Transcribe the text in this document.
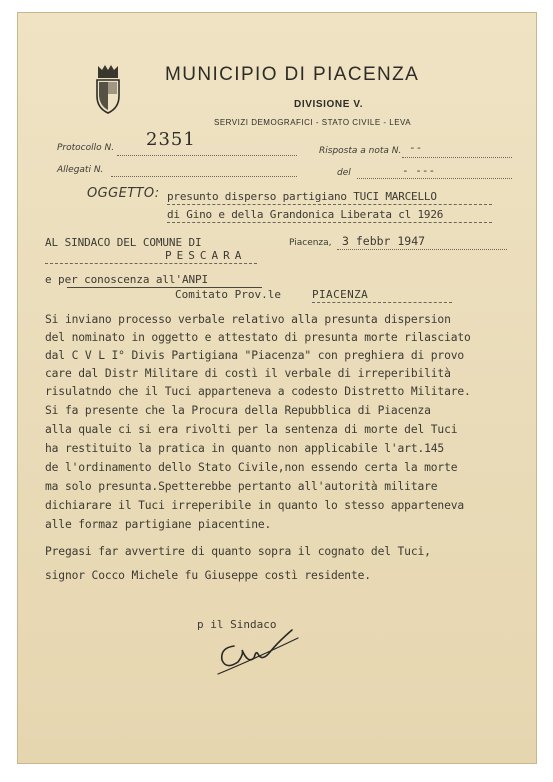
MUNICIPIO DI PIACENZA
DIVISIONE V.
SERVIZI DEMOGRAFICI - STATO CIVILE - LEVA
Protocollo N. 2351
Allegati N.
Risposta a nota N. --
del	- ---
OGGETTO: presunto disperso partigiano TUCI MARCELLO
di Gino e della Grandonica Liberata cl 1926
AL SINDACO DEL COMUNE DI
PESCARA
e per conoscenza all'ANPI
Comitato Prov.le	PIACENZA
Piacenza, 3 febbr 1947
Si inviano processo verbale relativo alla presunta dispersion
del nominato in oggetto e attestato di presunta morte rilasciato
dal C V L I° Divis Partigiana "Piacenza" con preghiera di provo
care dal Distr Militare di costì il verbale di irreperibilità
risulatndo che il Tuci apparteneva a codesto Distretto Militare.
Si fa presente che la Procura della Repubblica di Piacenza
alla quale ci si era rivolti per la sentenza di morte del Tuci
ha restituito la pratica in quanto non applicabile l'art.145
de l'ordinamento dello Stato Civile,non essendo certa la morte
ma solo presunta.Spetterebbe pertanto all'autorità militare
dichiarare il Tuci irreperibile in quanto lo stesso apparteneva
alle formaz partigiane piacentine.
Pregasi far avvertire di quanto sopra il cognato del Tuci,
signor Cocco Michele fu Giuseppe costì residente.
p il Sindaco
